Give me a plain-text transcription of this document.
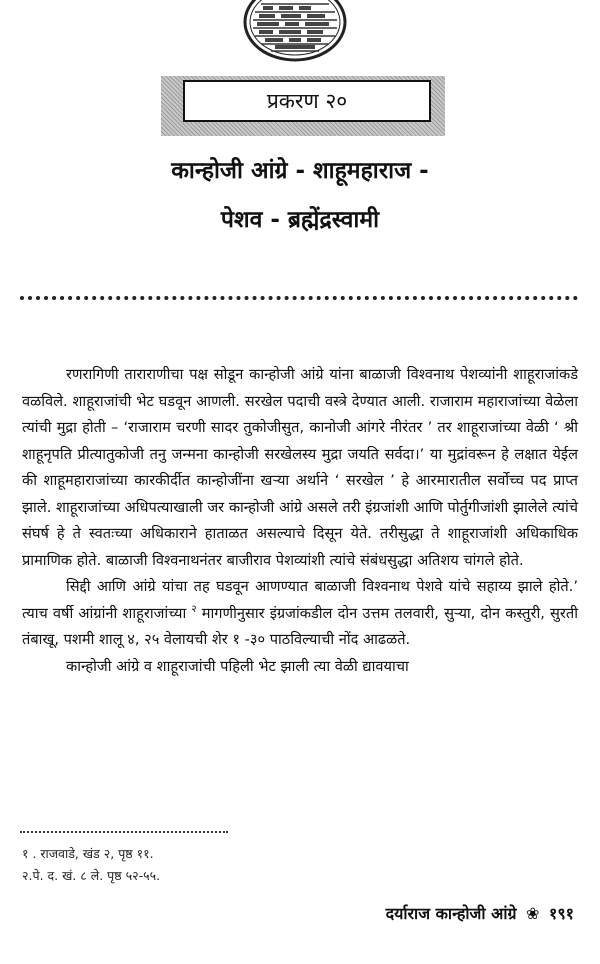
प्रकरण २०
कान्होजी आंग्रे - शाहूमहाराज -
पेशव - ब्रह्मेंद्रस्वामी

रणरागिणी ताराराणीचा पक्ष सोडून कान्होजी आंग्रे यांना बाळाजी विश्वनाथ पेशव्यांनी शाहूराजांकडे वळविले. शाहूराजांची भेट घडवून आणली. सरखेल पदाची वस्त्रे देण्यात आली. राजाराम महाराजांच्या वेळेला त्यांची मुद्रा होती – ‘राजाराम चरणी सादर तुकोजीसुत, कानोजी आंगरे नीरंतर ’ तर शाहूराजांच्या वेळी ‘ श्री शाहूनृपति प्रीत्यातुकोजी तनु जन्मना कान्होजी सरखेलस्य मुद्रा जयति सर्वदा।’ या मुद्रांवरून हे लक्षात येईल की शाहूमहाराजांच्या कारकीर्दीत कान्होजींना खऱ्या अर्थाने ‘ सरखेल ’ हे आरमारातील सर्वोच्च पद प्राप्त झाले. शाहूराजांच्या अधिपत्याखाली जर कान्होजी आंग्रे असले तरी इंग्रजांशी आणि पोर्तुगीजांशी झालेले त्यांचे संघर्ष हे ते स्वतःच्या अधिकाराने हाताळत असल्याचे दिसून येते. तरीसुद्धा ते शाहूराजांशी अधिकाधिक प्रामाणिक होते. बाळाजी विश्वनाथनंतर बाजीराव पेशव्यांशी त्यांचे संबंधसुद्धा अतिशय चांगले होते.

सिद्दी आणि आंग्रे यांचा तह घडवून आणण्यात बाळाजी विश्वनाथ पेशवे यांचे सहाय्य झाले होते.’ त्याच वर्षी आंग्रांनी शाहूराजांच्या $^२$ मागणीनुसार इंग्रजांकडील दोन उत्तम तलवारी, सुऱ्या, दोन कस्तुरी, सुरती तंबाखू, पशमी शालू ४, २५ वेलायची शेर १ -३० पाठविल्याची नोंद आढळते.

कान्होजी आंग्रे व शाहूराजांची पहिली भेट झाली त्या वेळी द्यावयाचा

१ . राजवाडे, खंड २, पृष्ठ ११.
२.पे. द. खं. ८ ले. पृष्ठ ५२-५५.
दर्याराज कान्होजी आंग्रे ❀ १९१
